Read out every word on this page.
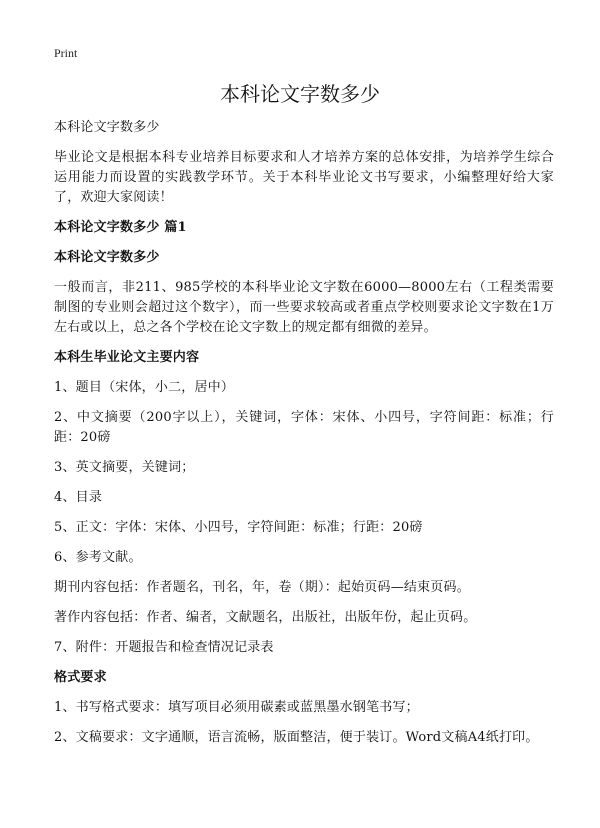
Print
本科论文字数多少

本科论文字数多少

毕业论文是根据本科专业培养目标要求和人才培养方案的总体安排，为培养学生综合运用能力而设置的实践教学环节。关于本科毕业论文书写要求，小编整理好给大家了，欢迎大家阅读！

本科论文字数多少 篇1

本科论文字数多少

一般而言，非211、985学校的本科毕业论文字数在6000—8000左右（工程类需要制图的专业则会超过这个数字），而一些要求较高或者重点学校则要求论文字数在1万左右或以上，总之各个学校在论文字数上的规定都有细微的差异。

本科生毕业论文主要内容

1、题目（宋体，小二，居中）

2、中文摘要（200字以上），关键词，字体：宋体、小四号，字符间距：标准；行距：20磅

3、英文摘要，关键词；

4、目录

5、正文：字体：宋体、小四号，字符间距：标准；行距：20磅

6、参考文献。

期刊内容包括：作者题名，刊名，年，卷（期）：起始页码—结束页码。

著作内容包括：作者、编者，文献题名，出版社，出版年份，起止页码。

7、附件：开题报告和检查情况记录表

格式要求

1、书写格式要求：填写项目必须用碳素或蓝黑墨水钢笔书写；

2、文稿要求：文字通顺，语言流畅，版面整洁，便于装订。Word文稿A4纸打印。
